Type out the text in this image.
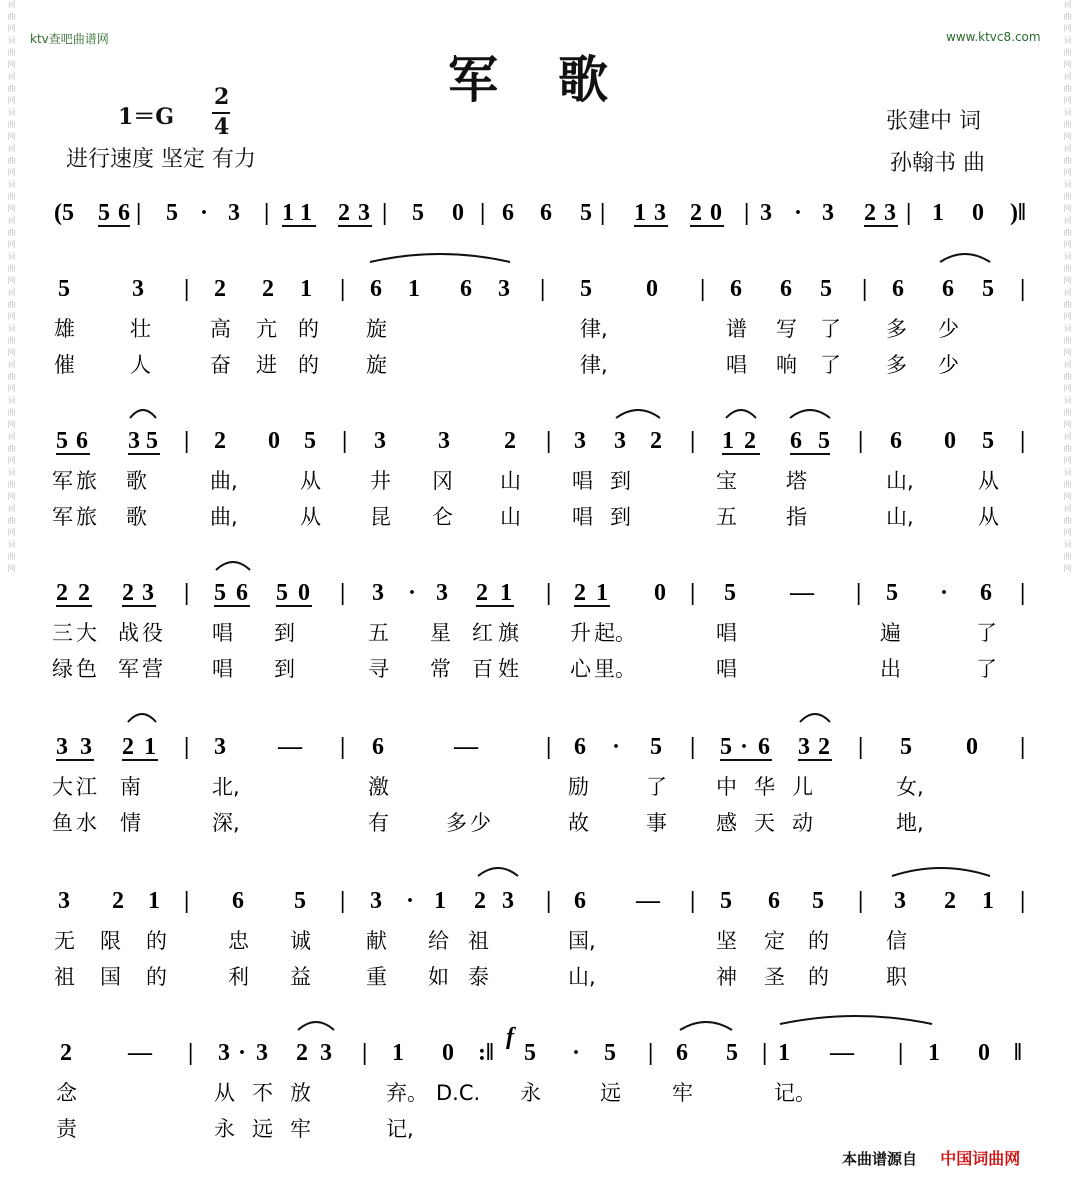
词曲网词曲网词曲网词曲网词曲网词曲网词曲网词曲网词曲网词曲网词曲网词曲网词曲网词曲网词曲网词曲网	词曲网词曲网词曲网词曲网词曲网词曲网词曲网词曲网词曲网词曲网词曲网词曲网词曲网词曲网词曲网词曲网
ktv查吧曲谱网	www.ktvc8.com
军歌
1＝G
2
4
进行速度 坚定 有力
张建中 词
孙翰书 曲
(5 5 6 | 5 · 3 | 1 1 2 3 | 5 0 | 6 6 5 | 1 3 2 0 | 3 · 3 2 3 | 1 0 )‖
5	3 | 2 2 1 | 6 1 6 3 | 5 0 | 6 6 5 | 6 6 5 |
雄	壮	高 亢 的 旋	律,	谱 写 了 多 少
催	人	奋 进 的 旋	律,	唱 响 了 多 少
5 6 3 5 | 2 0 5 | 3 3 2 | 3 3 2 | 1 2 6 5 | 6 0 5 |
军 旅 歌	曲,	从 井 冈 山 唱 到	宝 塔	山,	从
军 旅 歌	曲,	从 昆 仑 山 唱 到	五 指	山,	从
2 2 2 3 | 5 6 5 0 | 3 · 3 2 1 | 2 1 0 | 5 — | 5 · 6 |
三 大 战 役 唱 到	五 星 红 旗 升 起。	唱	遍	了
绿 色 军 营 唱 到	寻 常 百 姓 心 里。	唱	出	了
3 3 2 1 | 3 — | 6	—	| 6 · 5 | 5 · 6 3 2 | 5 0 |
大 江 南	北,	激	励	了 中 华 儿	女,
鱼 水 情	深,	有	多 少	故	事 感 天 动	地,
3 2 1 | 6 5 | 3 · 1 2 3 | 6 — | 5 6 5 | 3 2 1 |
无 限 的	忠 诚	献 给 祖	国,	坚 定 的	信
祖 国 的	利 益	重 如 泰	山,	神 圣 的	职
2 — | 3 · 3 2 3 | 1 0 :‖ 5 · 5 | 6 5 | 1 — | 1 0 ‖
念	从 不 放	弃。 D.C. 永	远 牢	记。
责	永 远 牢	记,
f
本曲谱源自 中国词曲网
